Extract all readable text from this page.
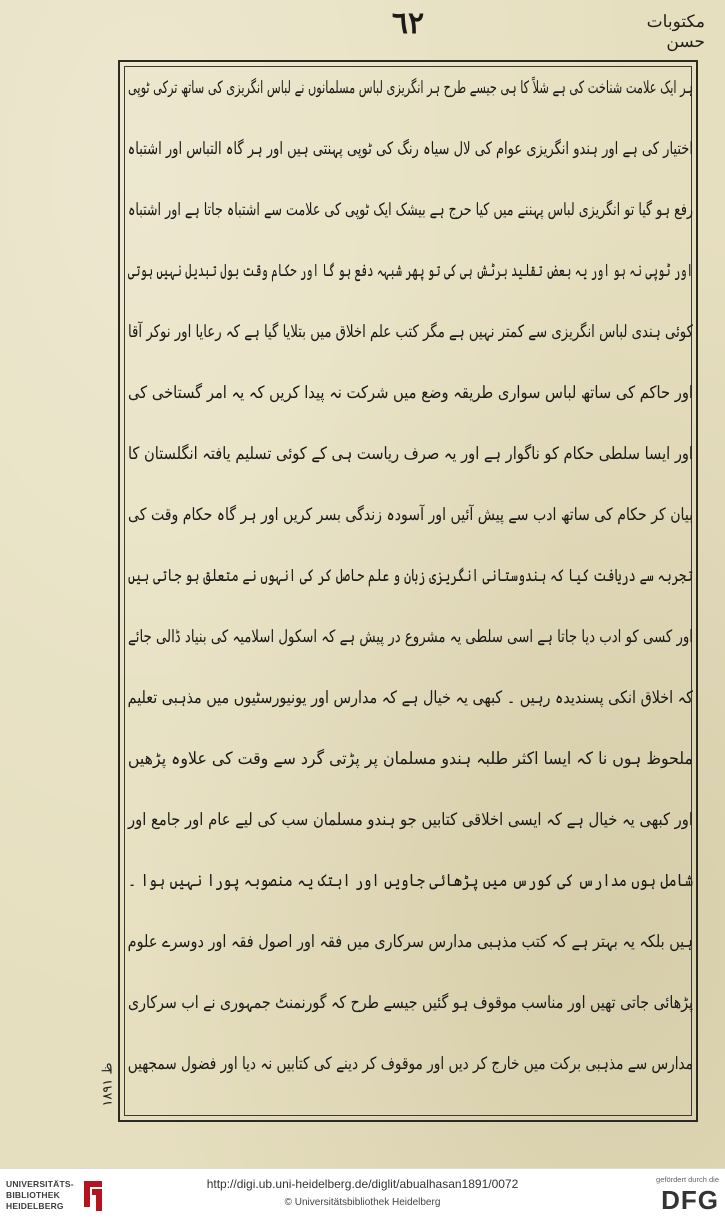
٦٢	مکتوبات حسن
ہر ایک علامت شناخت کی ہے شلاً کا ہی جیسے طرح ہر انگریزی لباس مسلمانوں نے لباس انگریزی کی ساتھ ترکی ٹوپی
اختیار کی ہے اور ہندو انگریزی عوام کی لال سیاہ رنگ کی ٹوپی پہنتی ہیں اور ہر گاہ التباس اور اشتباہ
رفع ہو گیا تو انگریزی لباس پہننے میں کیا حرج ہے بیشک ایک ٹوپی کی علامت سے اشتباہ جاتا ہے اور اشتباہ
اور ٹوپی نہ ہو اور یہ بعض تقلید برٹش ہی کی تو پھر شبہہ دفع ہو گا اور حکام وقت بول تبدیل نہیں ہوتی
کوئی ہندی لباس انگریزی سے کمتر نہیں ہے مگر کتب علم اخلاق میں بتلایا گیا ہے کہ رعایا اور نوکر آقا
اور حاکم کی ساتھ لباس سواری طریقہ وضع میں شرکت نہ پیدا کریں کہ یہ امر گستاخی کی
اور ایسا سلطی حکام کو ناگوار ہے اور یہ صرف ریاست ہی کے کوئی تسلیم یافتہ انگلستان کا
بیان کر حکام کی ساتھ ادب سے پیش آئیں اور آسودہ زندگی بسر کریں اور ہر گاہ حکام وقت کی
تجربہ سے دریافت کیا کہ ہندوستانی انگریزی زبان و علم حاصل کر کی انہوں نے متعلق ہو جاتی ہیں
اور کسی کو ادب دیا جاتا ہے اسی سلطی یہ مشروع در پیش ہے کہ اسکول اسلامیہ کی بنیاد ڈالی جائے
کہ اخلاق انکی پسندیدہ رہیں ۔ کبھی یہ خیال ہے کہ مدارس اور یونیورسٹیوں میں مذہبی تعلیم
ملحوظ ہوں نا کہ ایسا اکثر طلبہ ہندو مسلمان پر پڑتی گرد سے وقت کی علاوہ پڑھیں
اور کبھی یہ خیال ہے کہ ایسی اخلاقی کتابیں جو ہندو مسلمان سب کی لیے عام اور جامع اور
شامل ہوں مدارس کی کورس میں پڑھائی جاویں اور ابتک یہ منصوبہ پورا نہیں ہوا ۔
ہیں بلکہ یہ بہتر ہے کہ کتب مذہبی مدارس سرکاری میں فقہ اور اصول فقہ اور دوسرے علوم
پڑھائی جاتی تھیں اور مناسب موقوف ہو گئیں جیسے طرح کہ گورنمنٹ جمہوری نے اب سرکاری
مدارس سے مذہبی برکت میں خارج کر دیں اور موقوف کر دینے کی کتابیں نہ دیا اور فضول سمجھیں
ظ ۱۸۹۱
UNIVERSITÄTS-
BIBLIOTHEK
HEIDELBERG
http://digi.ub.uni-heidelberg.de/diglit/abualhasan1891/0072
© Universitätsbibliothek Heidelberg
gefördert durch die
DFG
